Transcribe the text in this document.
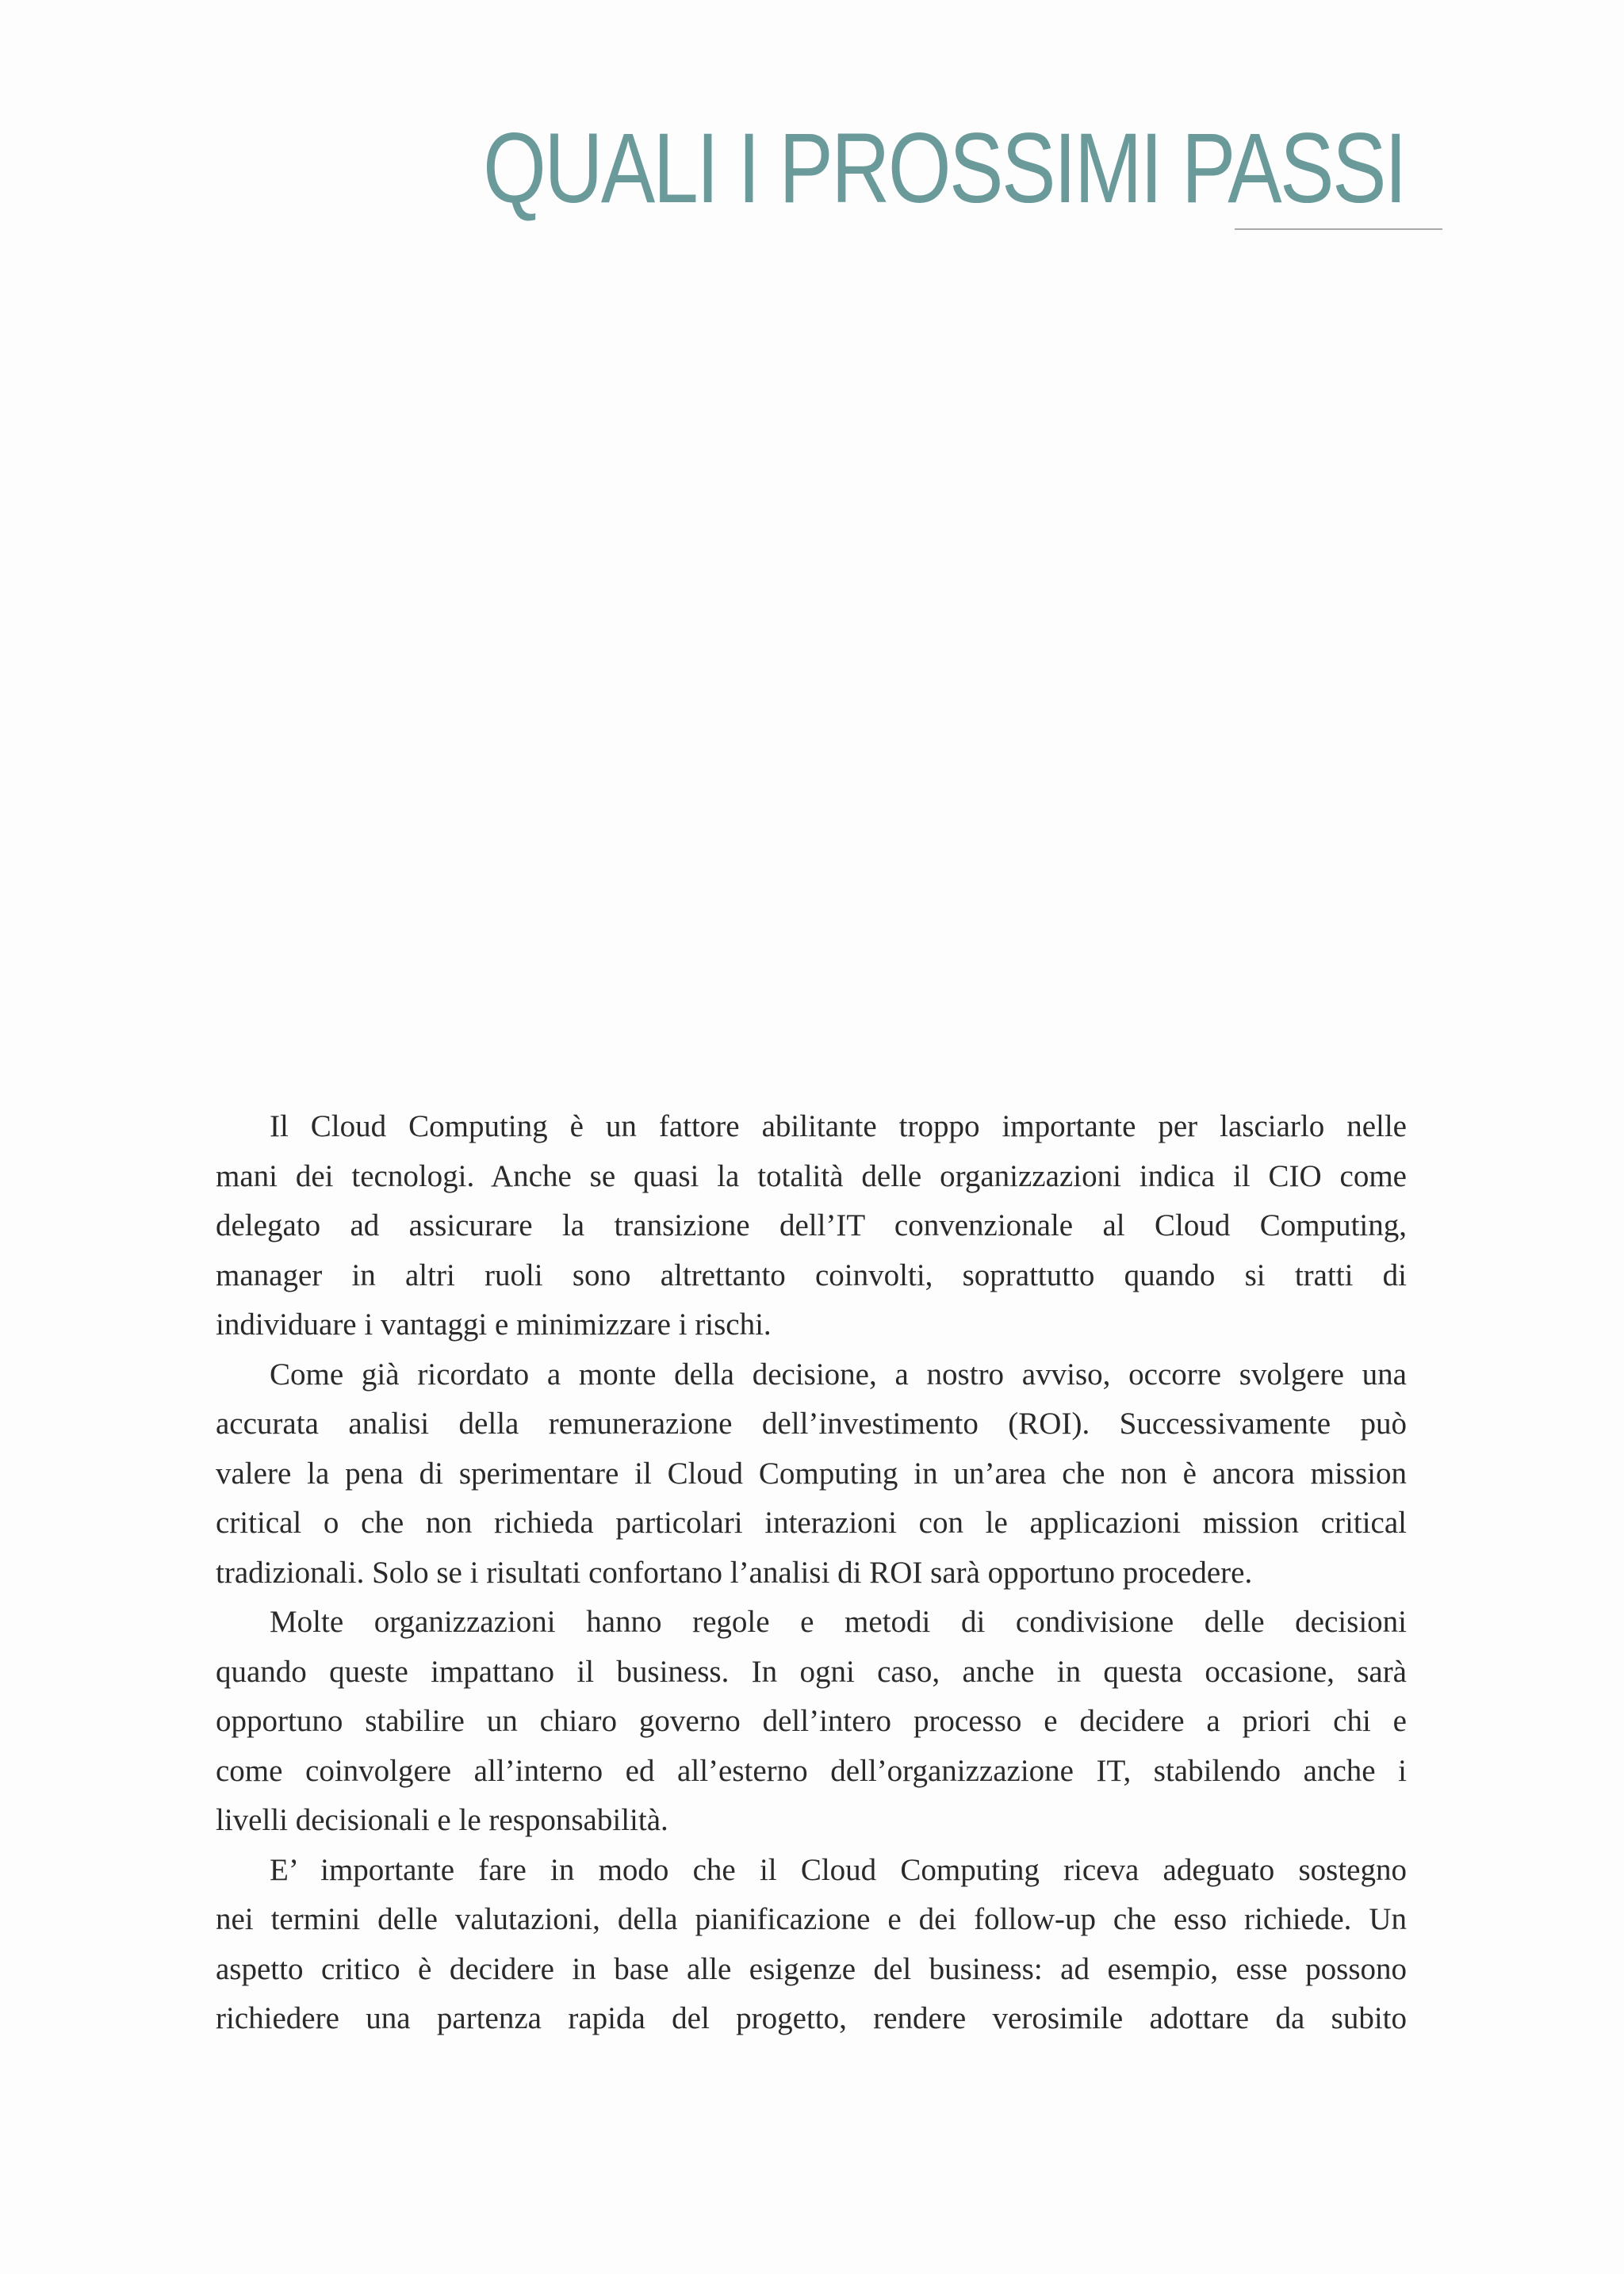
QUALI I PROSSIMI PASSI
Il Cloud Computing è un fattore abilitante troppo importante per lasciarlo nelle
mani dei tecnologi. Anche se quasi la totalità delle organizzazioni indica il CIO come
delegato ad assicurare la transizione dell’IT convenzionale al Cloud Computing,
manager in altri ruoli sono altrettanto coinvolti, soprattutto quando si tratti di
individuare i vantaggi e minimizzare i rischi.
Come già ricordato a monte della decisione, a nostro avviso, occorre svolgere una
accurata analisi della remunerazione dell’investimento (ROI). Successivamente può
valere la pena di sperimentare il Cloud Computing in un’area che non è ancora mission
critical o che non richieda particolari interazioni con le applicazioni mission critical
tradizionali. Solo se i risultati confortano l’analisi di ROI sarà opportuno procedere.
Molte organizzazioni hanno regole e metodi di condivisione delle decisioni
quando queste impattano il business. In ogni caso, anche in questa occasione, sarà
opportuno stabilire un chiaro governo dell’intero processo e decidere a priori chi e
come coinvolgere all’interno ed all’esterno dell’organizzazione IT, stabilendo anche i
livelli decisionali e le responsabilità.
E’ importante fare in modo che il Cloud Computing riceva adeguato sostegno
nei termini delle valutazioni, della pianificazione e dei follow-up che esso richiede. Un
aspetto critico è decidere in base alle esigenze del business: ad esempio, esse possono
richiedere una partenza rapida del progetto, rendere verosimile adottare da subito
